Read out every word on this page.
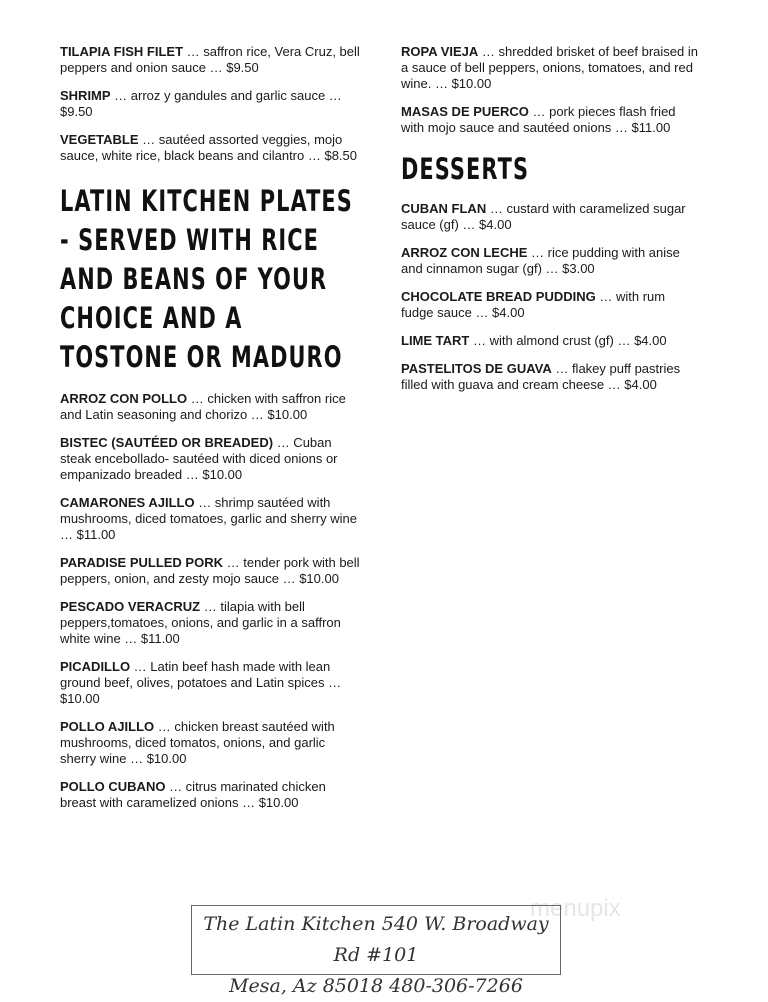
TILAPIA FISH FILET … saffron rice, Vera Cruz, bell peppers and onion sauce … $9.50

SHRIMP … arroz y gandules and garlic sauce … $9.50

VEGETABLE … sautéed assorted veggies, mojo sauce, white rice, black beans and cilantro … $8.50

LATIN KITCHEN PLATES - SERVED WITH RICE AND BEANS OF YOUR CHOICE AND A TOSTONE OR MADURO

ARROZ CON POLLO … chicken with saffron rice and Latin seasoning and chorizo … $10.00

BISTEC (SAUTÉED OR BREADED) … Cuban steak encebollado- sautéed with diced onions or empanizado breaded … $10.00

CAMARONES AJILLO … shrimp sautéed with mushrooms, diced tomatoes, garlic and sherry wine … $11.00

PARADISE PULLED PORK … tender pork with bell peppers, onion, and zesty mojo sauce … $10.00

PESCADO VERACRUZ … tilapia with bell peppers,tomatoes, onions, and garlic in a saffron white wine … $11.00

PICADILLO … Latin beef hash made with lean ground beef, olives, potatoes and Latin spices … $10.00

POLLO AJILLO … chicken breast sautéed with mushrooms, diced tomatos, onions, and garlic sherry wine … $10.00

POLLO CUBANO … citrus marinated chicken breast with caramelized onions … $10.00

ROPA VIEJA … shredded brisket of beef braised in a sauce of bell peppers, onions, tomatoes, and red wine. … $10.00

MASAS DE PUERCO … pork pieces flash fried with mojo sauce and sautéed onions … $11.00

DESSERTS

CUBAN FLAN … custard with caramelized sugar sauce (gf) … $4.00

ARROZ CON LECHE … rice pudding with anise and cinnamon sugar (gf) … $3.00

CHOCOLATE BREAD PUDDING … with rum fudge sauce … $4.00

LIME TART … with almond crust (gf) … $4.00

PASTELITOS DE GUAVA … flakey puff pastries filled with guava and cream cheese … $4.00

menupix
The Latin Kitchen 540 W. Broadway Rd #101
Mesa, Az 85018 480-306-7266
